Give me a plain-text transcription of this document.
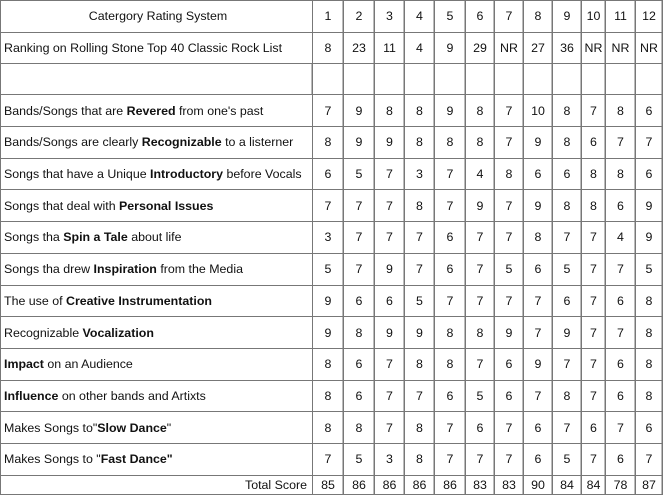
Catergory Rating System	1	2	3	4	5	6	7	8	9	10	11	12
Ranking on Rolling Stone Top 40 Classic Rock List	8	23	11	4	9	29	NR	27	36	NR	NR	NR

Bands/Songs that are Revered from one's past	7	9	8	8	9	8	7	10	8	7	8	6
Bands/Songs are clearly Recognizable to a listerner	8	9	9	8	8	8	7	9	8	6	7	7
Songs that have a Unique Introductory before Vocals	6	5	7	3	7	4	8	6	6	8	8	6
Songs that deal with Personal Issues	7	7	7	8	7	9	7	9	8	8	6	9
Songs tha Spin a Tale about life	3	7	7	7	6	7	7	8	7	7	4	9
Songs tha drew Inspiration from the Media	5	7	9	7	6	7	5	6	5	7	7	5
The use of Creative Instrumentation	9	6	6	5	7	7	7	7	6	7	6	8
Recognizable Vocalization	9	8	9	9	8	8	9	7	9	7	7	8
Impact on an Audience	8	6	7	8	8	7	6	9	7	7	6	8
Influence on other bands and Artixts	8	6	7	7	6	5	6	7	8	7	6	8
Makes Songs to"Slow Dance"	8	8	7	8	7	6	7	6	7	6	7	6
Makes Songs to "Fast Dance"	7	5	3	8	7	7	7	6	5	7	6	7
Total Score	85	86	86	86	86	83	83	90	84	84	78	87
